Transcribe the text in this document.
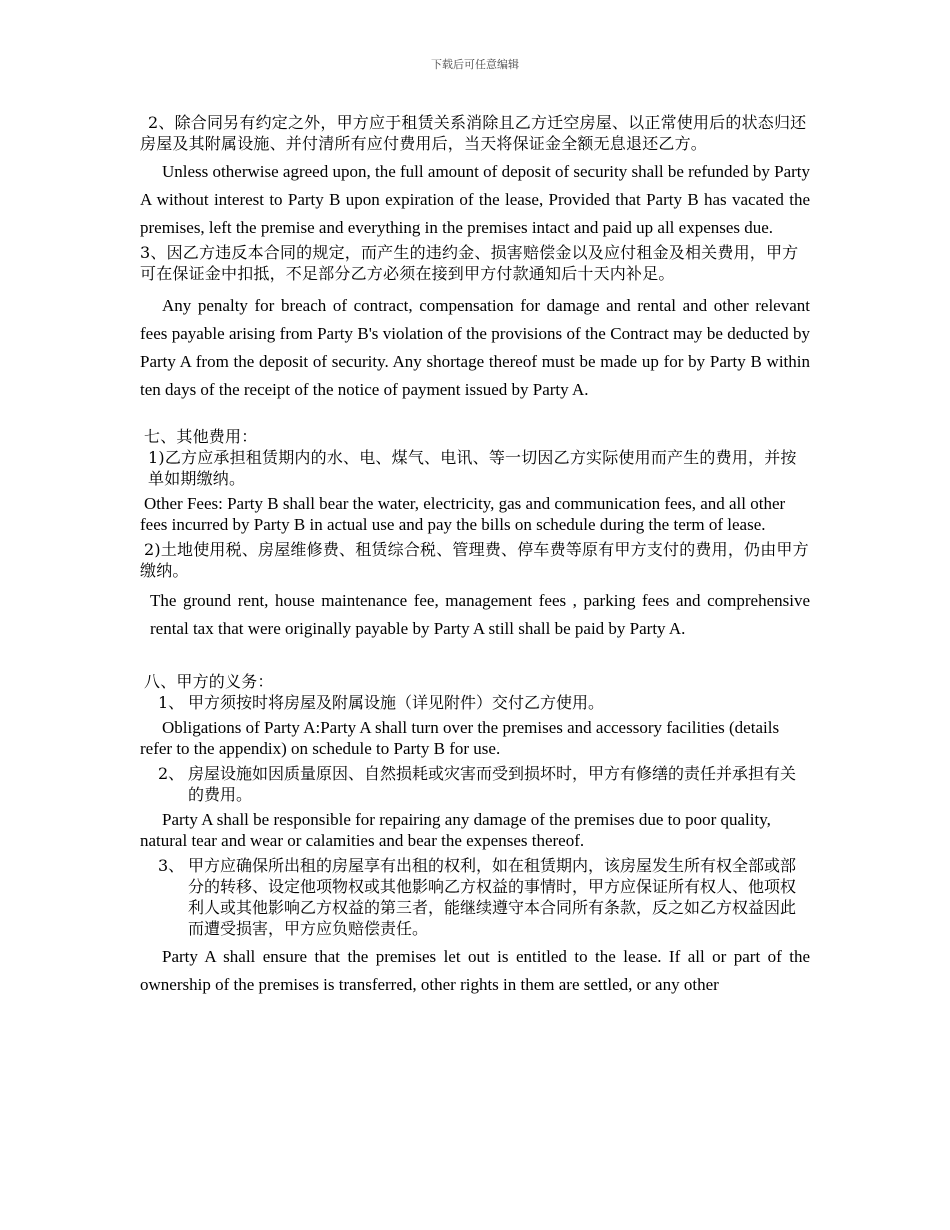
下载后可任意编辑

2、除合同另有约定之外，甲方应于租赁关系消除且乙方迁空房屋、以正常使用后的状态归还房屋及其附属设施、并付清所有应付费用后，当天将保证金全额无息退还乙方。

Unless otherwise agreed upon, the full amount of deposit of security shall be refunded by Party A without interest to Party B upon expiration of the lease, Provided that Party B has vacated the premises, left the premise and everything in the premises intact and paid up all expenses due.

3、因乙方违反本合同的规定，而产生的违约金、损害赔偿金以及应付租金及相关费用，甲方可在保证金中扣抵，不足部分乙方必须在接到甲方付款通知后十天内补足。

Any penalty for breach of contract, compensation for damage and rental and other relevant fees payable arising from Party B's violation of the provisions of the Contract may be deducted by Party A from the deposit of security. Any shortage thereof must be made up for by Party B within ten days of the receipt of the notice of payment issued by Party A.

七、其他费用：

1)乙方应承担租赁期内的水、电、煤气、电讯、等一切因乙方实际使用而产生的费用，并按单如期缴纳。

Other Fees: Party B shall bear the water, electricity, gas and communication fees, and all other fees incurred by Party B in actual use and pay the bills on schedule during the term of lease.

2)土地使用税、房屋维修费、租赁综合税、管理费、停车费等原有甲方支付的费用，仍由甲方缴纳。

The ground rent, house maintenance fee, management fees , parking fees and comprehensive rental tax that were originally payable by Party A still shall be paid by Party A.

八、甲方的义务：

1、 甲方须按时将房屋及附属设施（详见附件）交付乙方使用。

Obligations of Party A:Party A shall turn over the premises and accessory facilities (details refer to the appendix) on schedule to Party B for use.

2、 房屋设施如因质量原因、自然损耗或灾害而受到损坏时，甲方有修缮的责任并承担有关的费用。

Party A shall be responsible for repairing any damage of the premises due to poor quality, natural tear and wear or calamities and bear the expenses thereof.

3、 甲方应确保所出租的房屋享有出租的权利，如在租赁期内，该房屋发生所有权全部或部分的转移、设定他项物权或其他影响乙方权益的事情时，甲方应保证所有权人、他项权利人或其他影响乙方权益的第三者，能继续遵守本合同所有条款，反之如乙方权益因此而遭受损害，甲方应负赔偿责任。

Party A shall ensure that the premises let out is entitled to the lease. If all or part of the ownership of the premises is transferred, other rights in them are settled, or any other
